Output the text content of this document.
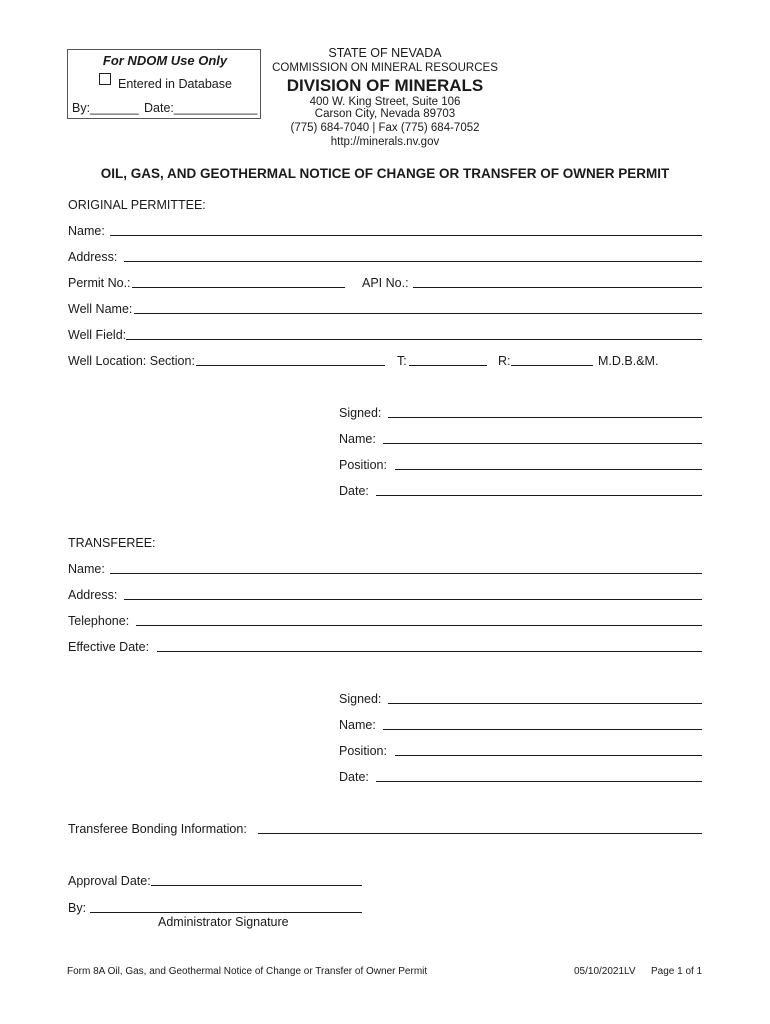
For NDOM Use Only
Entered in Database
By:_______ Date:____________
STATE OF NEVADA
COMMISSION ON MINERAL RESOURCES
DIVISION OF MINERALS
400 W. King Street, Suite 106
Carson City, Nevada 89703
(775) 684-7040 | Fax (775) 684-7052
http://minerals.nv.gov
OIL, GAS, AND GEOTHERMAL NOTICE OF CHANGE OR TRANSFER OF OWNER PERMIT
ORIGINAL PERMITTEE:
Name:
Address:
Permit No.:	API No.:
Well Name:
Well Field:
Well Location: Section:	T:	R:	M.D.B.&M.
Signed:
Name:
Position:
Date:
TRANSFEREE:
Name:
Address:
Telephone:
Effective Date:
Signed:
Name:
Position:
Date:
Transferee Bonding Information:
Approval Date:
By:
Administrator Signature
Form 8A Oil, Gas, and Geothermal Notice of Change or Transfer of Owner Permit	05/10/2021LV Page 1 of 1
